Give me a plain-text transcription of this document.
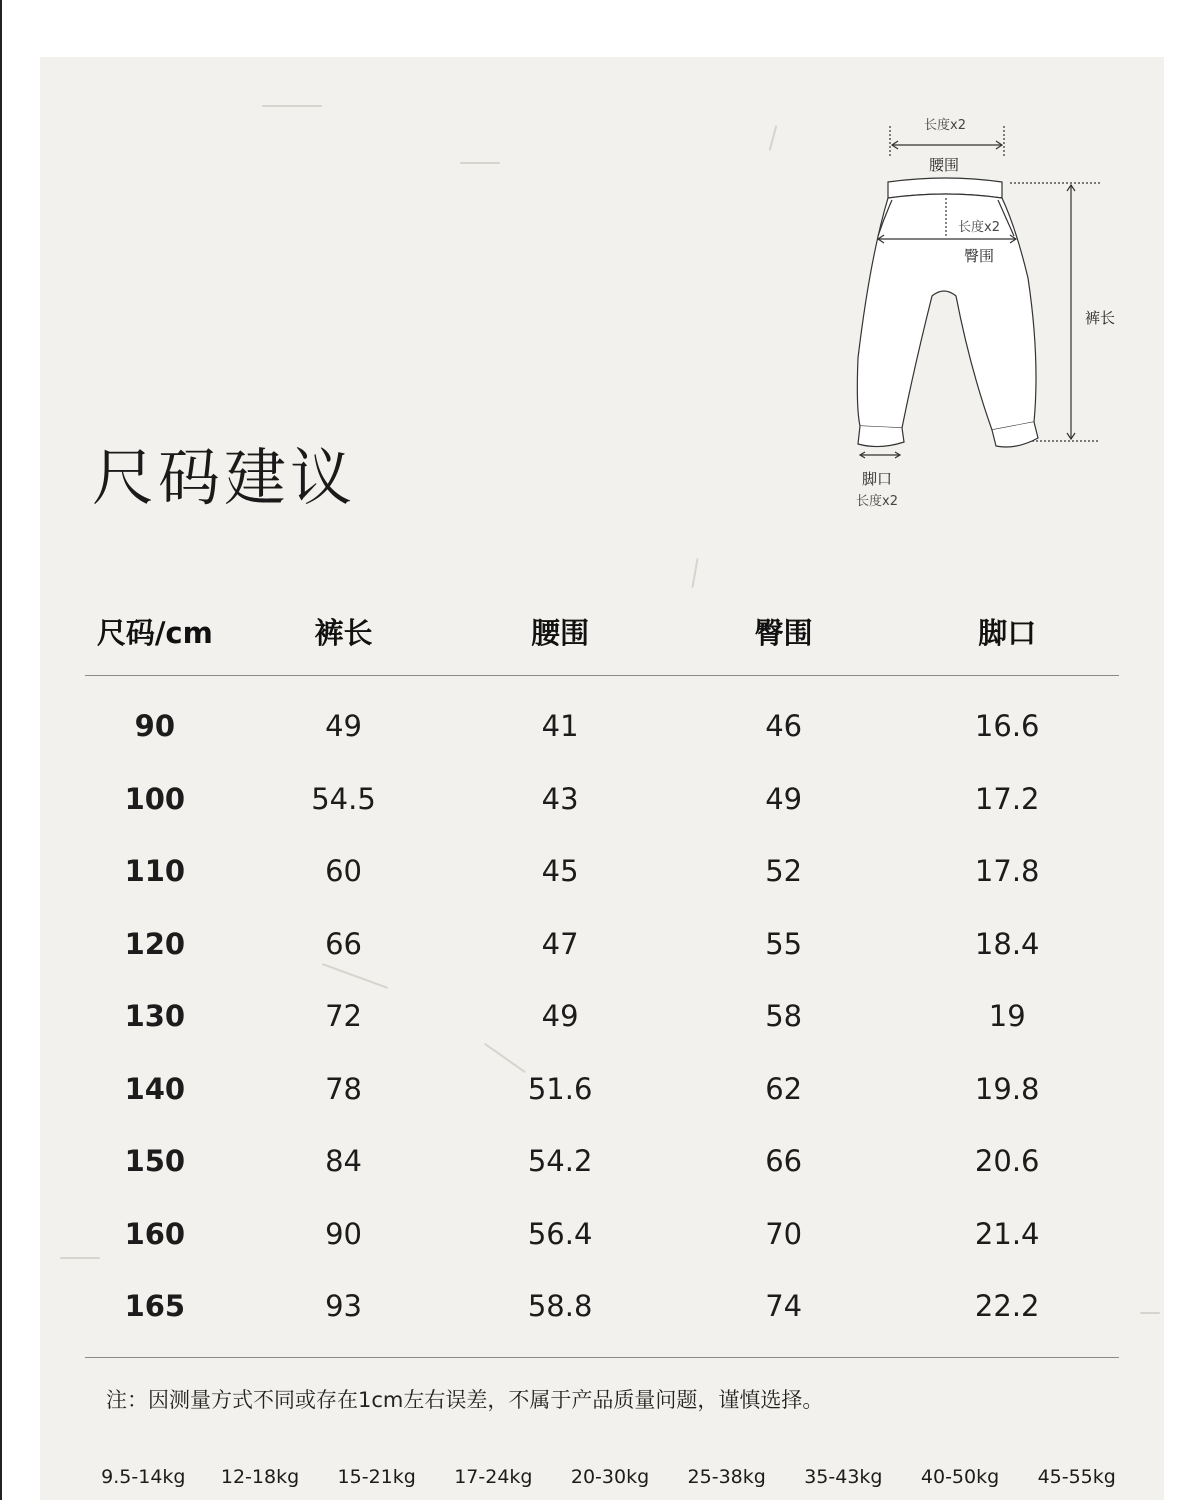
尺码建议
长度x2
腰围
长度x2
臀围
裤长
脚口
长度x2
尺码/cm	裤长	腰围	臀围	脚口
90	49	41	46	16.6
100	54.5	43	49	17.2
110	60	45	52	17.8
120	66	47	55	18.4
130	72	49	58	19
140	78	51.6	62	19.8
150	84	54.2	66	20.6
160	90	56.4	70	21.4
165	93	58.8	74	22.2
注：因测量方式不同或存在1cm左右误差，不属于产品质量问题，谨慎选择。
9.5-14kg	12-18kg	15-21kg	17-24kg	20-30kg	25-38kg	35-43kg	40-50kg	45-55kg
